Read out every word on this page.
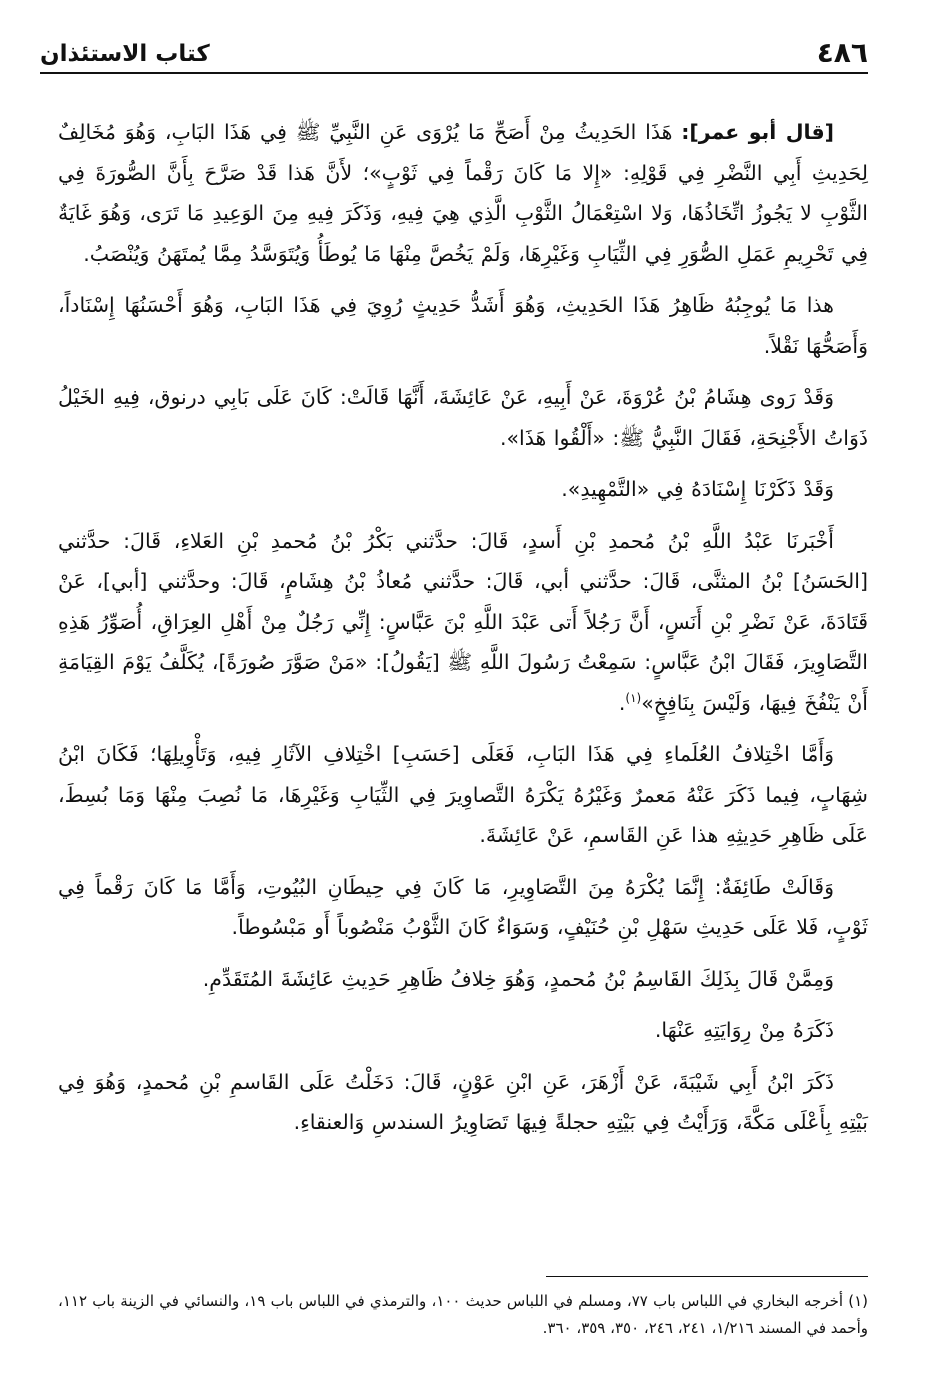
٤٨٦
كتاب الاستئذان

[قال أبو عمر]: هَذَا الحَدِيثُ مِنْ أَصَحِّ مَا يُرْوَى عَنِ النَّبِيِّ ﷺ فِي هَذَا البَابِ، وَهُوَ مُخَالِفٌ لِحَدِيثِ أَبِي النَّضْرِ فِي قَوْلِهِ: «إِلا مَا كَانَ رَقْماً فِي ثَوْبٍ»؛ لأَنَّ هَذا قَدْ صَرَّحَ بِأَنَّ الصُّورَةَ فِي الثَّوْبِ لا يَجُوزُ اتِّخَاذُهَا، وَلا اسْتِعْمَالُ الثَّوْبِ الَّذِي هِيَ فِيهِ، وَذَكَرَ فِيهِ مِنَ الوَعِيدِ مَا تَرَى، وَهُوَ غَايَةٌ فِي تَحْرِيمِ عَمَلِ الصُّوَرِ فِي الثِّيَابِ وَغَيْرِهَا، وَلَمْ يَخُصَّ مِنْهَا مَا يُوطَأُ وَيُتَوَسَّدُ مِمَّا يُمتَهَنُ وَيُنْصَبُ.

هذا مَا يُوجِبُهُ ظَاهِرُ هَذَا الحَدِيثِ، وَهُوَ أَشَدُّ حَدِيثٍ رُوِيَ فِي هَذَا البَابِ، وَهُوَ أَحْسَنُهَا إِسْنَاداً، وَأَصَحُّهَا نَقْلاً.

وَقَدْ رَوى هِشَامُ بْنُ عُرْوَةَ، عَنْ أَبِيهِ، عَنْ عَائِشَةَ، أَنَّهَا قَالَتْ: كَانَ عَلَى بَابِي درنوق، فِيهِ الخَيْلُ ذَوَاتُ الأَجْنِحَةِ، فَقَالَ النَّبِيُّ ﷺ: «أَلْقُوا هَذَا».

وَقَدْ ذَكَرْنَا إِسْنَادَهُ فِي «التَّمْهِيدِ».

أَخْبَرنَا عَبْدُ اللَّهِ بْنُ مُحمدِ بْنِ أَسدٍ، قَالَ: حدَّثني بَكْرُ بْنُ مُحمدِ بْنِ العَلاءِ، قَالَ: حدَّثني [الحَسَنُ] بْنُ المثنَّى، قَالَ: حدَّثني أبي، قَالَ: حدَّثني مُعاذُ بْنُ هِشَامٍ، قَالَ: وحدَّثني [أبي]، عَنْ قَتَادَةَ، عَنْ نَضْرِ بْنِ أَنَسٍ، أَنَّ رَجُلاً أَتى عَبْدَ اللَّهِ بْنَ عَبَّاسٍ: إِنِّي رَجُلٌ مِنْ أَهْلِ العِرَاقِ، أُصَوِّرُ هَذِهِ التَّصَاوِيرَ، فَقَالَ ابْنُ عَبَّاسٍ: سَمِعْتُ رَسُولَ اللَّهِ ﷺ [يَقُولُ]: «مَنْ صَوَّرَ صُورَةً]، يُكَلَّفُ يَوْمَ القِيَامَةِ أَنْ يَنْفُخَ فِيهَا، وَلَيْسَ بِنَافِخٍ»$^{(١)}$.

وَأَمَّا اخْتِلافُ العُلَماءِ فِي هَذَا البَابِ، فَعَلَى [حَسَبِ] اخْتِلافِ الآثَارِ فِيهِ، وَتَأْوِيلِهَا؛ فَكَانَ ابْنُ شِهَابٍ، فِيما ذَكَرَ عَنْهُ مَعمرٌ وَغَيْرُهُ يَكْرَهُ التَّصاوِيرَ فِي الثِّيَابِ وَغَيْرِهَا، مَا نُصِبَ مِنْهَا وَمَا بُسِطَ، عَلَى ظَاهِرِ حَدِيثِهِ هذا عَنِ القَاسمِ، عَنْ عَائِشَةَ.

وَقَالَتْ طَائِفَةٌ: إِنَّمَا يُكْرَهُ مِنَ التَّصَاوِيرِ، مَا كَانَ فِي حِيطَانِ البُيُوتِ، وَأَمَّا مَا كَانَ رَقْماً فِي ثَوْبٍ، فَلا عَلَى حَدِيثِ سَهْلِ بْنِ حُنَيْفٍ، وَسَوَاءٌ كَانَ الثَّوْبُ مَنْصُوباً أَو مَبْسُوطاً.

وَمِمَّنْ قَالَ بِذَلِكَ القَاسِمُ بْنُ مُحمدٍ، وَهُوَ خِلافُ ظَاهِرِ حَدِيثِ عَائِشَةَ المُتَقَدِّمِ.

ذَكَرَهُ مِنْ رِوَايَتِهِ عَنْهَا.

ذَكَرَ ابْنُ أَبِي شَيْبَةَ، عَنْ أَزْهَرَ، عَنِ ابْنِ عَوْنٍ، قَالَ: دَخَلْتُ عَلَى القَاسمِ بْنِ مُحمدٍ، وَهُوَ فِي بَيْتِهِ بِأَعْلَى مَكَّةَ، وَرَأَيْتُ فِي بَيْتِهِ حجلةً فِيهَا تَصَاوِيرُ السندسِ وَالعنقاءِ.

(١) أخرجه البخاري في اللباس باب ٧٧، ومسلم في اللباس حديث ١٠٠، والترمذي في اللباس باب ١٩، والنسائي في الزينة باب ١١٢، وأحمد في المسند ١/٢١٦، ٢٤١، ٢٤٦، ٣٥٠، ٣٥٩، ٣٦٠.
